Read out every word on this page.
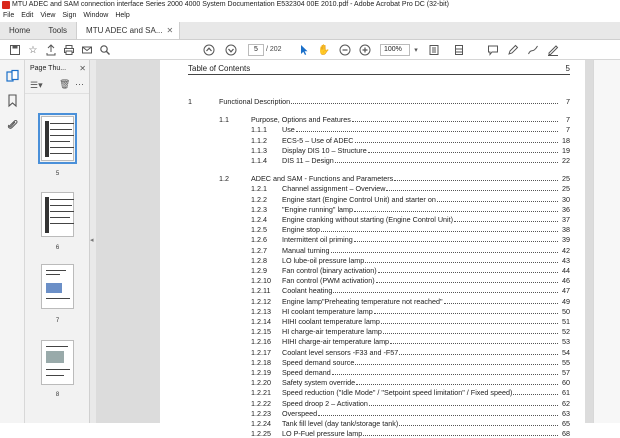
MTU ADEC and SAM connection interface Series 2000 4000 System Documentation E532304 00E 2010.pdf - Adobe Acrobat Pro DC (32-bit)
File Edit View Sign Window Help
Home	Tools	MTU ADEC and SA... ✕
☆	5	/ 202	✋	100%	▾
Page Thu... ✕
☰▾ 🗑 ⋯
5
6
7
8
◂
Table of Contents	5
1	Functional Description	7
1.1	Purpose, Options and Features	7
1.1.1 Use	7
1.1.2 ECS-5 – Use of ADEC	18
1.1.3 Display DIS 10 – Structure	19
1.1.4 DIS 11 – Design	22
1.2	ADEC and SAM - Functions and Parameters	25
1.2.1 Channel assignment – Overview	25
1.2.2 Engine start (Engine Control Unit) and starter on	30
1.2.3 "Engine running" lamp	36
1.2.4 Engine cranking without starting (Engine Control Unit)	37
1.2.5 Engine stop	38
1.2.6 Intermittent oil priming	39
1.2.7 Manual turning	42
1.2.8 LO lube-oil pressure lamp	43
1.2.9 Fan control (binary activation)	44
1.2.10 Fan control (PWM activation)	46
1.2.11 Coolant heating	47
1.2.12 Engine lamp"Preheating temperature not reached"	49
1.2.13 HI coolant temperature lamp	50
1.2.14 HIHI coolant temperature lamp	51
1.2.15 HI charge-air temperature lamp	52
1.2.16 HIHI charge-air temperature lamp	53
1.2.17 Coolant level sensors -F33 and -F57	54
1.2.18 Speed demand source	55
1.2.19 Speed demand	57
1.2.20 Safety system override	60
1.2.21 Speed reduction ("Idle Mode" / "Setpoint speed limitation" / Fixed speed)	61
1.2.22 Speed droop 2 – Activation	62
1.2.23 Overspeed	63
1.2.24 Tank fill level (day tank/storage tank)	65
1.2.25 LO P-Fuel pressure lamp	68
